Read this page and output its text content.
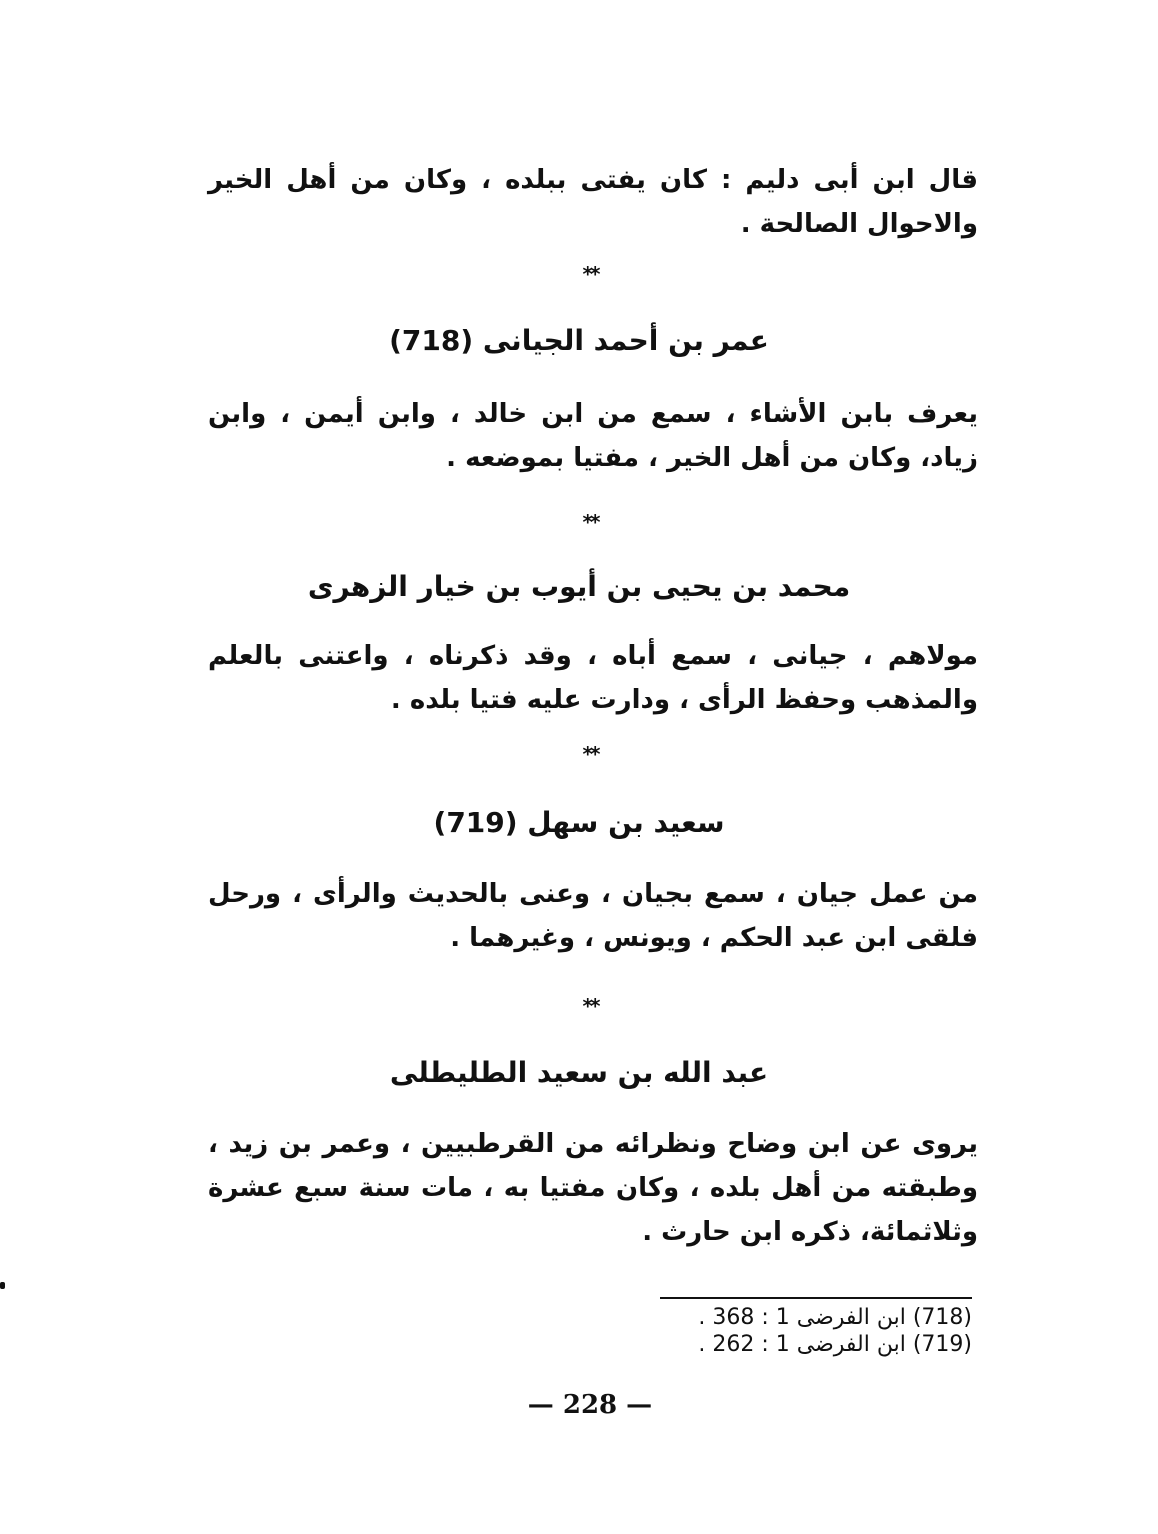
قال ابن أبى دليم : كان يفتى ببلده ، وكان من أهل الخير والاحوال الصالحة .
**
عمر بن أحمد الجيانى (718)
يعرف بابن الأشاء ، سمع من ابن خالد ، وابن أيمن ، وابن زياد، وكان من أهل الخير ، مفتيا بموضعه .
**
محمد بن يحيى بن أيوب بن خيار الزهرى
مولاهم ، جيانى ، سمع أباه ، وقد ذكرناه ، واعتنى بالعلم والمذهب وحفظ الرأى ، ودارت عليه فتيا بلده .
**
سعيد بن سهل (719)
من عمل جيان ، سمع بجيان ، وعنى بالحديث والرأى ، ورحل فلقى ابن عبد الحكم ، ويونس ، وغيرهما .
**
عبد الله بن سعيد الطليطلى
يروى عن ابن وضاح ونظرائه من القرطبيين ، وعمر بن زيد ، وطبقته من أهل بلده ، وكان مفتيا به ، مات سنة سبع عشرة وثلاثمائة، ذكره ابن حارث .
(718) ابن الفرضى 1 : 368 .
(719) ابن الفرضى 1 : 262 .
— 228 —
